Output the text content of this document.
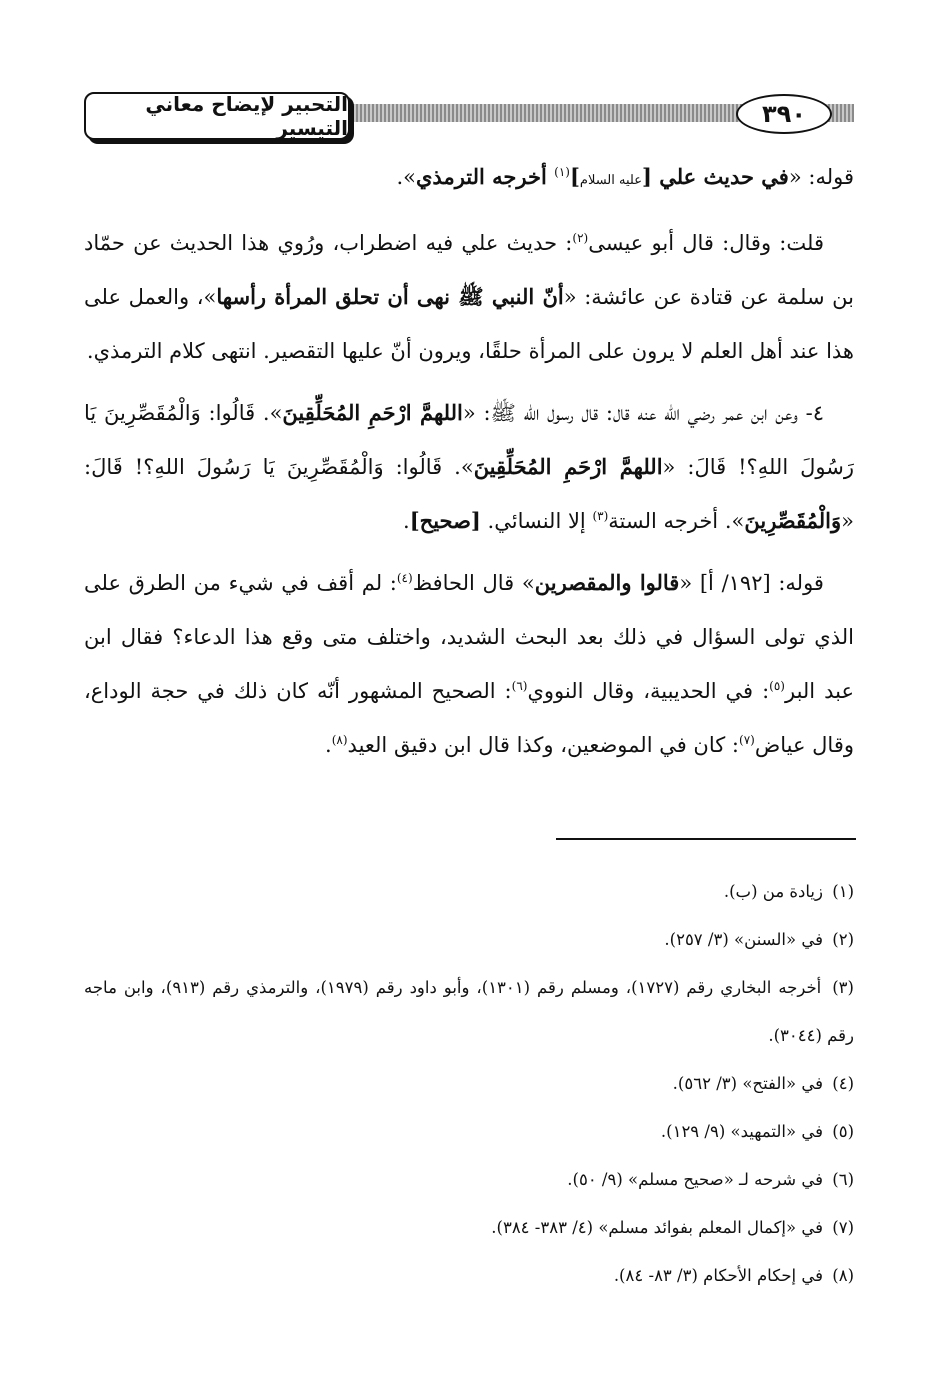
التحبير لإيضاح معاني التيسير	٣٩٠

قوله: «في حديث علي [عليه السلام]$^{(١)}$ أخرجه الترمذي».

قلت: وقال: قال أبو عيسى$^{(٢)}$: حديث علي فيه اضطراب، ورُوي هذا الحديث عن حمّاد بن سلمة عن قتادة عن عائشة: «أنّ النبي ﷺ نهى أن تحلق المرأة رأسها»، والعمل على هذا عند أهل العلم لا يرون على المرأة حلقًا، ويرون أنّ عليها التقصير. انتهى كلام الترمذي.

٤- وعن ابن عمر رضي الله عنه قال: قال رسول الله ﷺ: «اللهمَّ ارْحَمِ المُحَلِّقِينَ». قَالُوا: وَالْمُقَصِّرِينَ يَا رَسُولَ اللهِ؟! قَالَ: «اللهمَّ ارْحَمِ المُحَلِّقِينَ». قَالُوا: وَالْمُقَصِّرِينَ يَا رَسُولَ اللهِ؟! قَالَ: «وَالْمُقَصِّرِينَ». أخرجه الستة$^{(٣)}$ إلا النسائي. [صحيح].

قوله: [١٩٢/ أ] «قالوا والمقصرين» قال الحافظ$^{(٤)}$: لم أقف في شيء من الطرق على الذي تولى السؤال في ذلك بعد البحث الشديد، واختلف متى وقع هذا الدعاء؟ فقال ابن عبد البر$^{(٥)}$: في الحديبية، وقال النووي$^{(٦)}$: الصحيح المشهور أنّه كان ذلك في حجة الوداع، وقال عياض$^{(٧)}$: كان في الموضعين، وكذا قال ابن دقيق العيد$^{(٨)}$.

(١) زيادة من (ب).
(٢) في «السنن» (٣/ ٢٥٧).
(٣) أخرجه البخاري رقم (١٧٢٧)، ومسلم رقم (١٣٠١)، وأبو داود رقم (١٩٧٩)، والترمذي رقم (٩١٣)، وابن ماجه رقم (٣٠٤٤).
(٤) في «الفتح» (٣/ ٥٦٢).
(٥) في «التمهيد» (٩/ ١٢٩).
(٦) في شرحه لـ «صحيح مسلم» (٩/ ٥٠).
(٧) في «إكمال المعلم بفوائد مسلم» (٤/ ٣٨٣- ٣٨٤).
(٨) في إحكام الأحكام (٣/ ٨٣- ٨٤).
